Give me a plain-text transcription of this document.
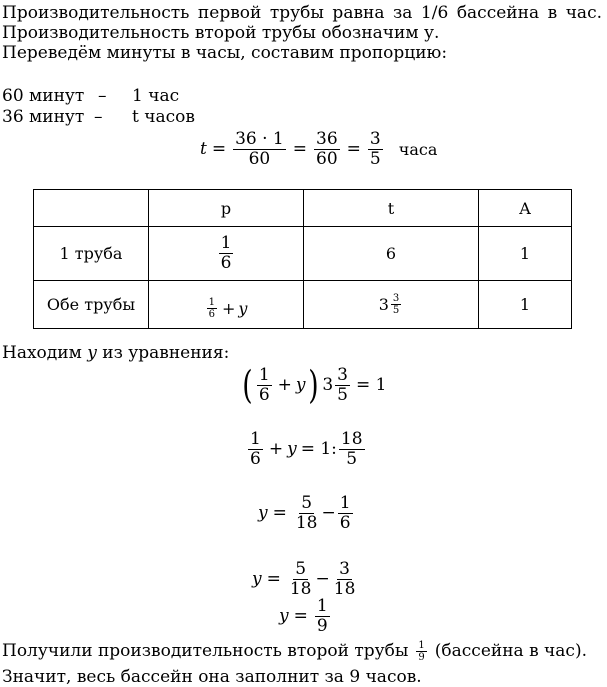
Производительность первой трубы равна за 1/6 бассейна в час.
Производительность второй трубы обозначим у.
Переведём минуты в часы, составим пропорцию:
60 минут – 1 час
36 минут – t часов
$t = \frac{36 \cdot 1}{60} = \frac{36}{60} = \frac{3}{5}$ часа
	p	t	A
1 труба	$\frac{1}{6}$	6	1
Обе трубы	$\frac{1}{6} + y$	$3 \frac{3}{5}$	1
Находим y из уравнения:
( $\frac{1}{6} + y$ ) $3 \frac{3}{5} = 1$
$\frac{1}{6} + y = 1$: $\frac{18}{5}$
$y = \frac{5}{18} - \frac{1}{6}$
$y = \frac{5}{18} - \frac{3}{18}$
$y = \frac{1}{9}$
Получили производительность второй трубы $\frac{1}{9}$ (бассейна в час).
Значит, весь бассейн она заполнит за 9 часов.
